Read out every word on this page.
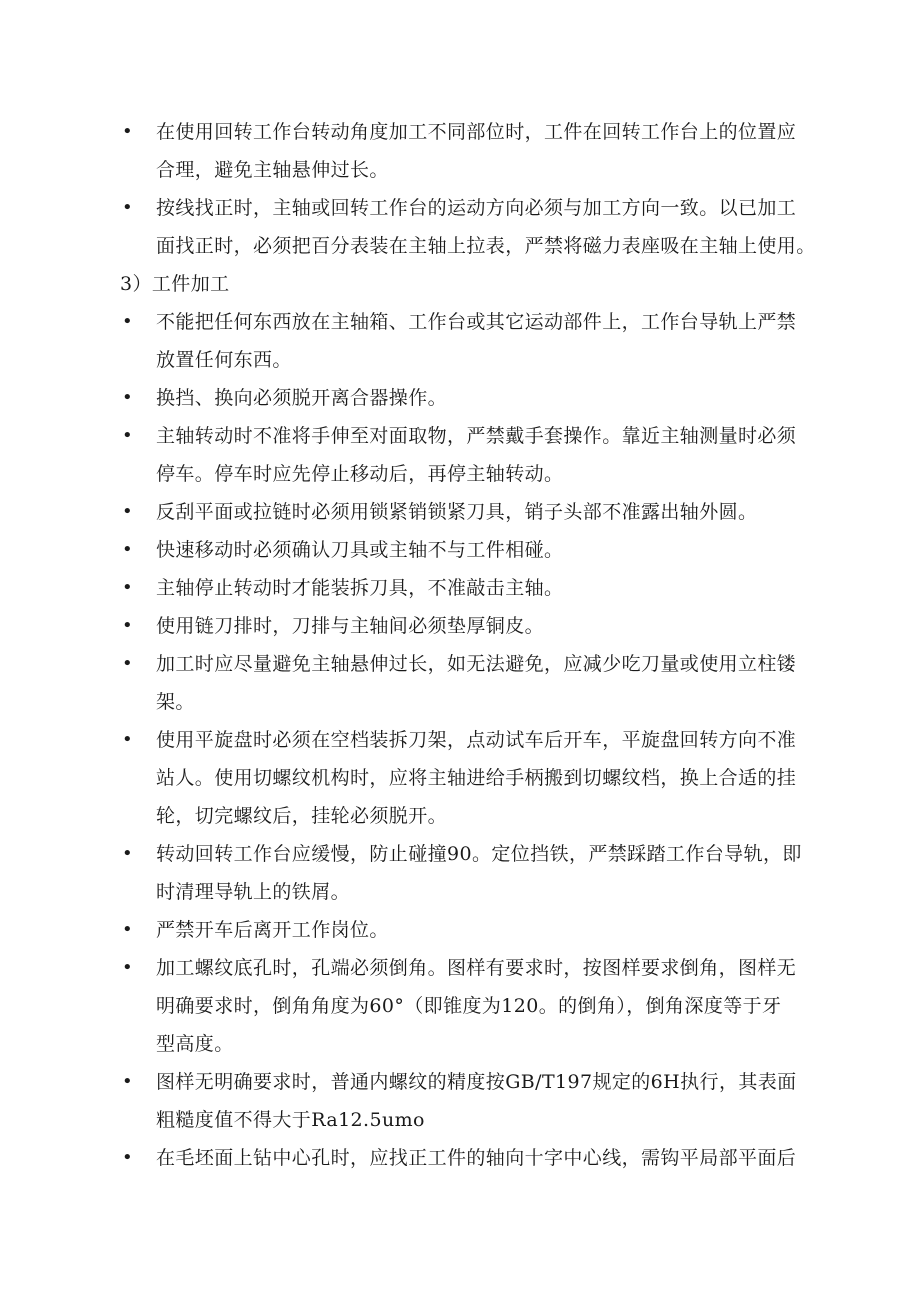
• 在使用回转工作台转动角度加工不同部位时，工件在回转工作台上的位置应
合理，避免主轴悬伸过长。
• 按线找正时，主轴或回转工作台的运动方向必须与加工方向一致。以已加工
面找正时，必须把百分表装在主轴上拉表，严禁将磁力表座吸在主轴上使用。
3）工件加工
• 不能把任何东西放在主轴箱、工作台或其它运动部件上，工作台导轨上严禁
放置任何东西。
• 换挡、换向必须脱开离合器操作。
• 主轴转动时不准将手伸至对面取物，严禁戴手套操作。靠近主轴测量时必须
停车。停车时应先停止移动后，再停主轴转动。
• 反刮平面或拉链时必须用锁紧销锁紧刀具，销子头部不准露出轴外圆。
• 快速移动时必须确认刀具或主轴不与工件相碰。
• 主轴停止转动时才能装拆刀具，不准敲击主轴。
• 使用链刀排时，刀排与主轴间必须垫厚铜皮。
• 加工时应尽量避免主轴悬伸过长，如无法避免，应减少吃刀量或使用立柱镂
架。
• 使用平旋盘时必须在空档装拆刀架，点动试车后开车，平旋盘回转方向不准
站人。使用切螺纹机构时，应将主轴进给手柄搬到切螺纹档，换上合适的挂
轮，切完螺纹后，挂轮必须脱开。
• 转动回转工作台应缓慢，防止碰撞90。定位挡铁，严禁踩踏工作台导轨，即
时清理导轨上的铁屑。
• 严禁开车后离开工作岗位。
• 加工螺纹底孔时，孔端必须倒角。图样有要求时，按图样要求倒角，图样无
明确要求时，倒角角度为60°（即锥度为120。的倒角），倒角深度等于牙
型高度。
• 图样无明确要求时，普通内螺纹的精度按GB/T197规定的6H执行，其表面
粗糙度值不得大于Ra12.5umo
• 在毛坯面上钻中心孔时，应找正工件的轴向十字中心线，需钩平局部平面后
